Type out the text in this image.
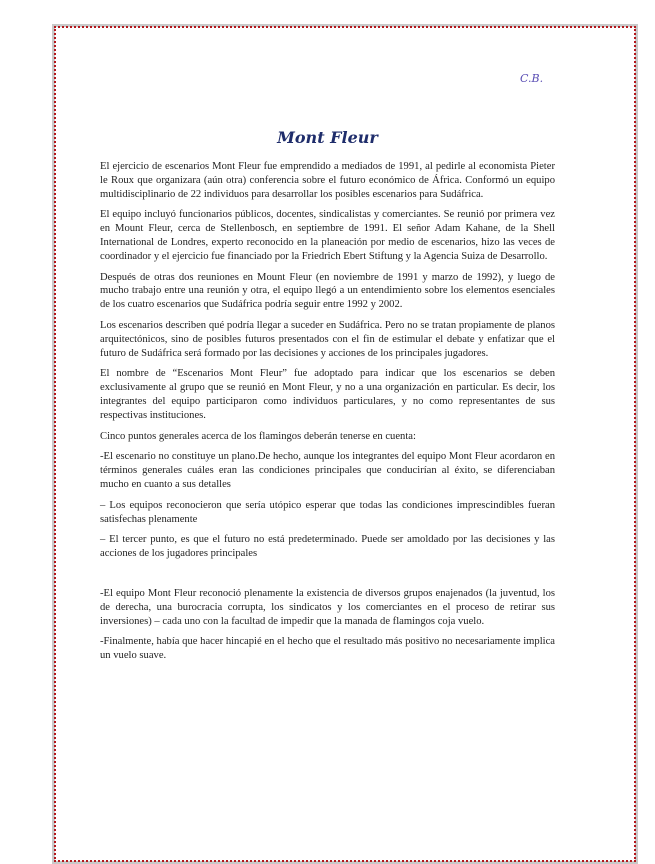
C.B.
Mont Fleur

El ejercicio de escenarios Mont Fleur fue emprendido a mediados de 1991, al pedirle al economista Pieter le Roux que organizara (aún otra) conferencia sobre el futuro económico de África. Conformó un equipo multidisciplinario de 22 individuos para desarrollar los posibles escenarios para Sudáfrica.

El equipo incluyó funcionarios públicos, docentes, sindicalistas y comerciantes. Se reunió por primera vez en Mount Fleur, cerca de Stellenbosch, en septiembre de 1991. El señor Adam Kahane, de la Shell International de Londres, experto reconocido en la planeación por medio de escenarios, hizo las veces de coordinador y el ejercicio fue financiado por la Friedrich Ebert Stiftung y la Agencia Suiza de Desarrollo.

Después de otras dos reuniones en Mount Fleur (en noviembre de 1991 y marzo de 1992), y luego de mucho trabajo entre una reunión y otra, el equipo llegó a un entendimiento sobre los elementos esenciales de los cuatro escenarios que Sudáfrica podría seguir entre 1992 y 2002.

Los escenarios describen qué podría llegar a suceder en Sudáfrica. Pero no se tratan propiamente de planos arquitectónicos, sino de posibles futuros presentados con el fin de estimular el debate y enfatizar que el futuro de Sudáfrica será formado por las decisiones y acciones de los principales jugadores.

El nombre de “Escenarios Mont Fleur” fue adoptado para indicar que los escenarios se deben exclusivamente al grupo que se reunió en Mont Fleur, y no a una organización en particular. Es decir, los integrantes del equipo participaron como individuos particulares, y no como representantes de sus respectivas instituciones.

Cinco puntos generales acerca de los flamingos deberán tenerse en cuenta:

-El escenario no constituye un plano.De hecho, aunque los integrantes del equipo Mont Fleur acordaron en términos generales cuáles eran las condiciones principales que conducirían al éxito, se diferenciaban mucho en cuanto a sus detalles

– Los equipos reconocieron que sería utópico esperar que todas las condiciones imprescindibles fueran satisfechas plenamente

– El tercer punto, es que el futuro no está predeterminado. Puede ser amoldado por las decisiones y las acciones de los jugadores principales

-El equipo Mont Fleur reconoció plenamente la existencia de diversos grupos enajenados (la juventud, los de derecha, una burocracia corrupta, los sindicatos y los comerciantes en el proceso de retirar sus inversiones) – cada uno con la facultad de impedir que la manada de flamingos coja vuelo.

-Finalmente, había que hacer hincapié en el hecho que el resultado más positivo no necesariamente implica un vuelo suave.
